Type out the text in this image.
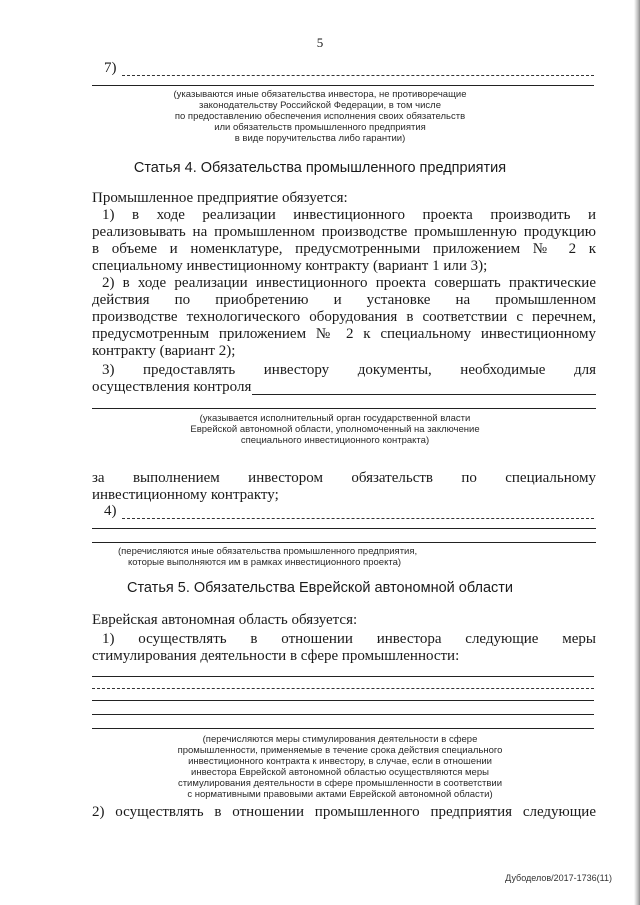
5
7)
(указываются иные обязательства инвестора, не противоречащие
законодательству Российской Федерации, в том числе
по предоставлению обеспечения исполнения своих обязательств
или обязательств промышленного предприятия
в виде поручительства либо гарантии)
Статья 4. Обязательства промышленного предприятия
Промышленное предприятие обязуется:
1) в ходе реализации инвестиционного проекта производить и
реализовывать на промышленном производстве промышленную продукцию
в объеме и номенклатуре, предусмотренными приложением № 2 к
специальному инвестиционному контракту (вариант 1 или 3);
2) в ходе реализации инвестиционного проекта совершать практические
действия по приобретению и установке на промышленном
производстве технологического оборудования в соответствии с перечнем,
предусмотренным приложением № 2 к специальному инвестиционному
контракту (вариант 2);
3) предоставлять инвестору документы, необходимые для
осуществления контроля
(указывается исполнительный орган государственной власти
Еврейской автономной области, уполномоченный на заключение
специального инвестиционного контракта)
за выполнением инвестором обязательств по специальному
инвестиционному контракту;
4)
(перечисляются иные обязательства промышленного предприятия,
которые выполняются им в рамках инвестиционного проекта)
Статья 5. Обязательства Еврейской автономной области
Еврейская автономная область обязуется:
1) осуществлять в отношении инвестора следующие меры
стимулирования деятельности в сфере промышленности:
(перечисляются меры стимулирования деятельности в сфере
промышленности, применяемые в течение срока действия специального
инвестиционного контракта к инвестору, в случае, если в отношении
инвестора Еврейской автономной областью осуществляются меры
стимулирования деятельности в сфере промышленности в соответствии
с нормативными правовыми актами Еврейской автономной области)
2) осуществлять в отношении промышленного предприятия следующие
Дубоделов/2017-1736(11)
